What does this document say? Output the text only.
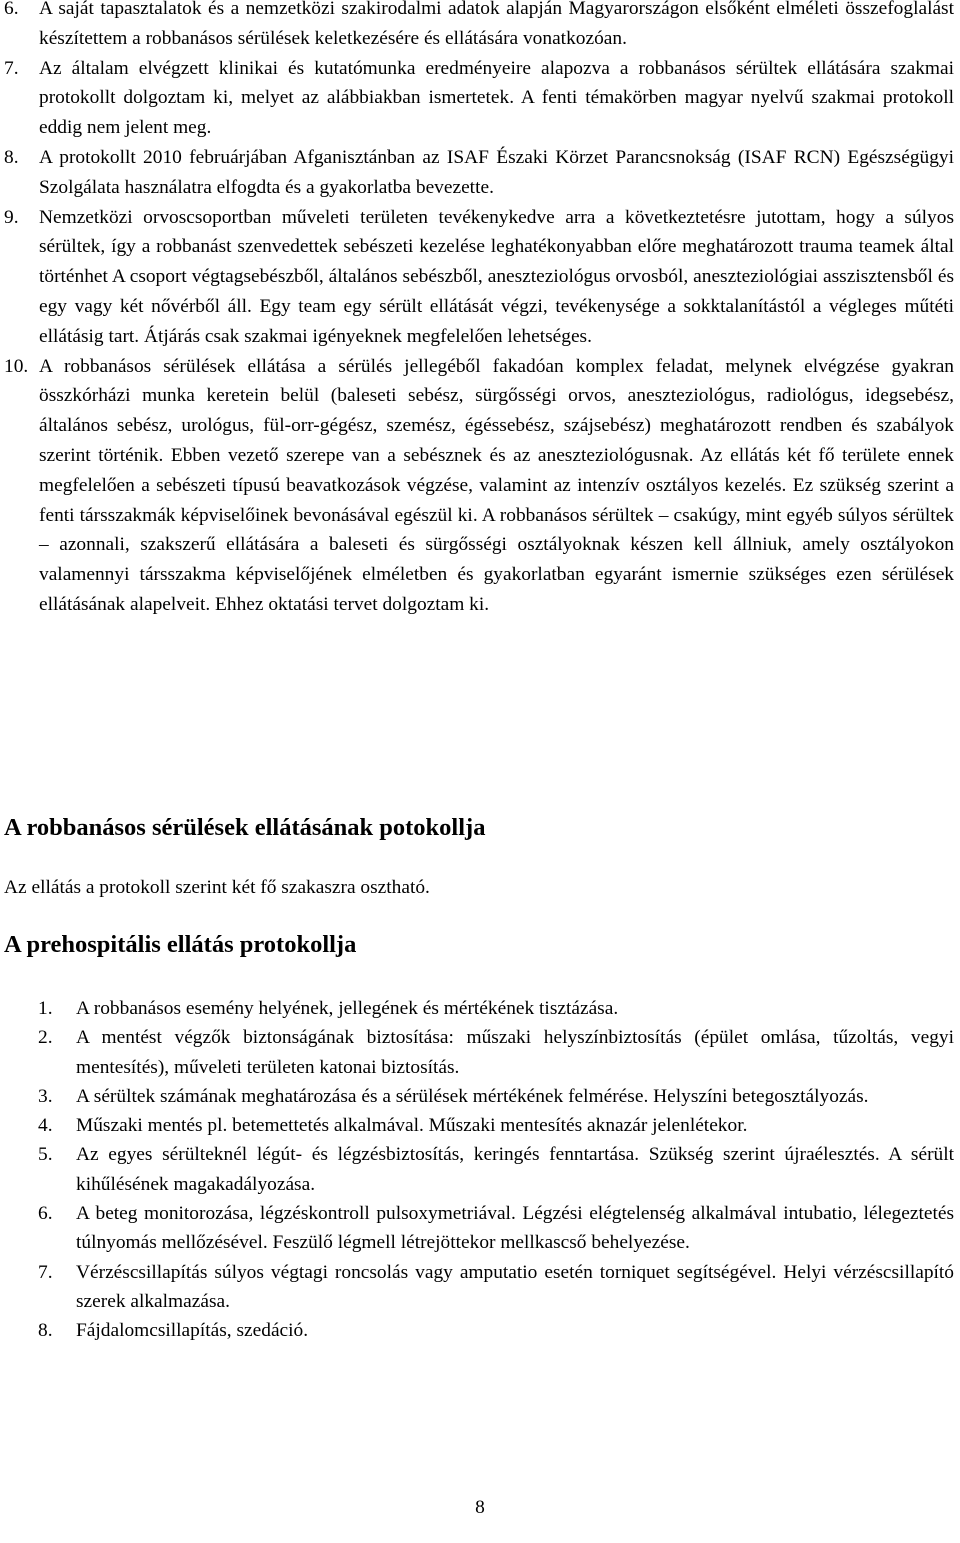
6. A saját tapasztalatok és a nemzetközi szakirodalmi adatok alapján Magyarországon elsőként elméleti összefoglalást készítettem a robbanásos sérülések keletkezésére és ellátására vonatkozóan.
7. Az általam elvégzett klinikai és kutatómunka eredményeire alapozva a robbanásos sérültek ellátására szakmai protokollt dolgoztam ki, melyet az alábbiakban ismertetek. A fenti témakörben magyar nyelvű szakmai protokoll eddig nem jelent meg.
8. A protokollt 2010 februárjában Afganisztánban az ISAF Északi Körzet Parancsnokság (ISAF RCN) Egészségügyi Szolgálata használatra elfogdta és a gyakorlatba bevezette.
9. Nemzetközi orvoscsoportban műveleti területen tevékenykedve arra a következtetésre jutottam, hogy a súlyos sérültek, így a robbanást szenvedettek sebészeti kezelése leghatékonyabban előre meghatározott trauma teamek által történhet A csoport végtagsebészből, általános sebészből, aneszteziológus orvosból, aneszteziológiai asszisztensből és egy vagy két nővérből áll. Egy team egy sérült ellátását végzi, tevékenysége a sokktalanítástól a végleges műtéti ellátásig tart. Átjárás csak szakmai igényeknek megfelelően lehetséges.
10. A robbanásos sérülések ellátása a sérülés jellegéből fakadóan komplex feladat, melynek elvégzése gyakran összkórházi munka keretein belül (baleseti sebész, sürgősségi orvos, aneszteziológus, radiológus, idegsebész, általános sebész, urológus, fül-orr-gégész, szemész, égéssebész, szájsebész) meghatározott rendben és szabályok szerint történik. Ebben vezető szerepe van a sebésznek és az aneszteziológusnak. Az ellátás két fő területe ennek megfelelően a sebészeti típusú beavatkozások végzése, valamint az intenzív osztályos kezelés. Ez szükség szerint a fenti társszakmák képviselőinek bevonásával egészül ki. A robbanásos sérültek – csakúgy, mint egyéb súlyos sérültek – azonnali, szakszerű ellátására a baleseti és sürgősségi osztályoknak készen kell állniuk, amely osztályokon valamennyi társszakma képviselőjének elméletben és gyakorlatban egyaránt ismernie szükséges ezen sérülések ellátásának alapelveit. Ehhez oktatási tervet dolgoztam ki.
A robbanásos sérülések ellátásának potokollja

Az ellátás a protokoll szerint két fő szakaszra osztható.

A prehospitális ellátás protokollja
1. A robbanásos esemény helyének, jellegének és mértékének tisztázása.
2. A mentést végzők biztonságának biztosítása: műszaki helyszínbiztosítás (épület omlása, tűzoltás, vegyi mentesítés), műveleti területen katonai biztosítás.
3. A sérültek számának meghatározása és a sérülések mértékének felmérése. Helyszíni betegosztályozás.
4. Műszaki mentés pl. betemettetés alkalmával. Műszaki mentesítés aknazár jelenlétekor.
5. Az egyes sérülteknél légút- és légzésbiztosítás, keringés fenntartása. Szükség szerint újraélesztés. A sérült kihűlésének magakadályozása.
6. A beteg monitorozása, légzéskontroll pulsoxymetriával. Légzési elégtelenség alkalmával intubatio, lélegeztetés túlnyomás mellőzésével. Feszülő légmell létrejöttekor mellkascső behelyezése.
7. Vérzéscsillapítás súlyos végtagi roncsolás vagy amputatio esetén torniquet segítségével. Helyi vérzéscsillapító szerek alkalmazása.
8. Fájdalomcsillapítás, szedáció.
8
